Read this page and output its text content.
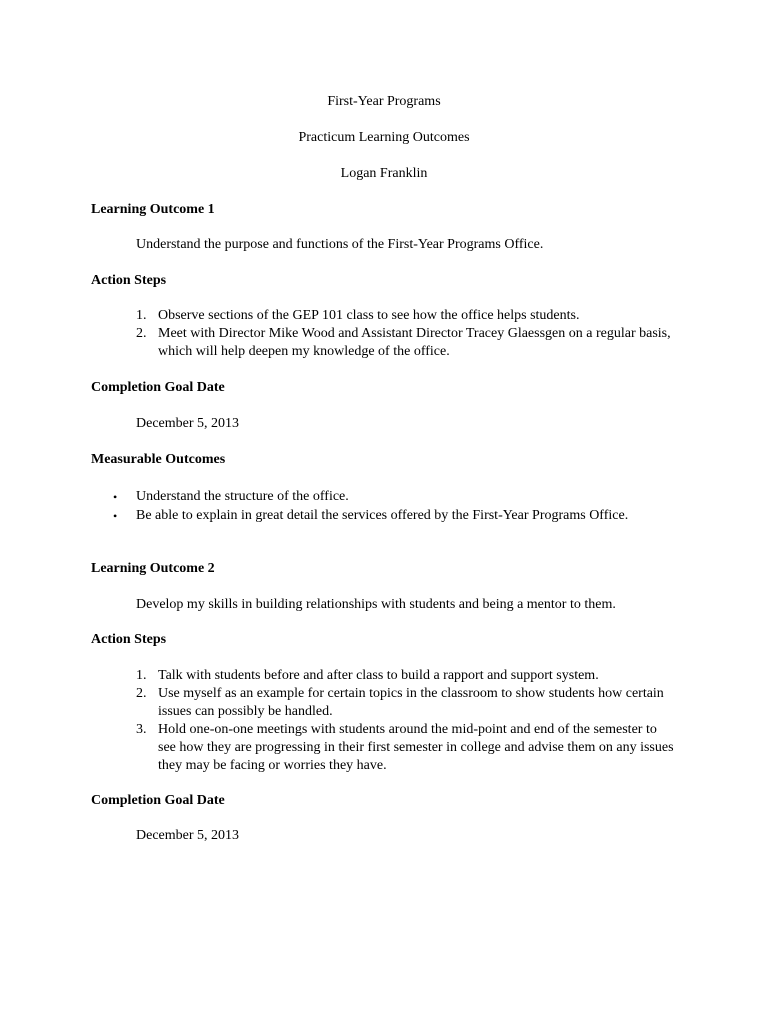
First-Year Programs

Practicum Learning Outcomes

Logan Franklin

Learning Outcome 1

Understand the purpose and functions of the First-Year Programs Office.

Action Steps

1. Observe sections of the GEP 101 class to see how the office helps students.
2. Meet with Director Mike Wood and Assistant Director Tracey Glaessgen on a regular basis, which will help deepen my knowledge of the office.

Completion Goal Date

December 5, 2013

Measurable Outcomes

• Understand the structure of the office.
• Be able to explain in great detail the services offered by the First-Year Programs Office.

Learning Outcome 2

Develop my skills in building relationships with students and being a mentor to them.

Action Steps

1. Talk with students before and after class to build a rapport and support system.
2. Use myself as an example for certain topics in the classroom to show students how certain issues can possibly be handled.
3. Hold one-on-one meetings with students around the mid-point and end of the semester to see how they are progressing in their first semester in college and advise them on any issues they may be facing or worries they have.

Completion Goal Date

December 5, 2013
